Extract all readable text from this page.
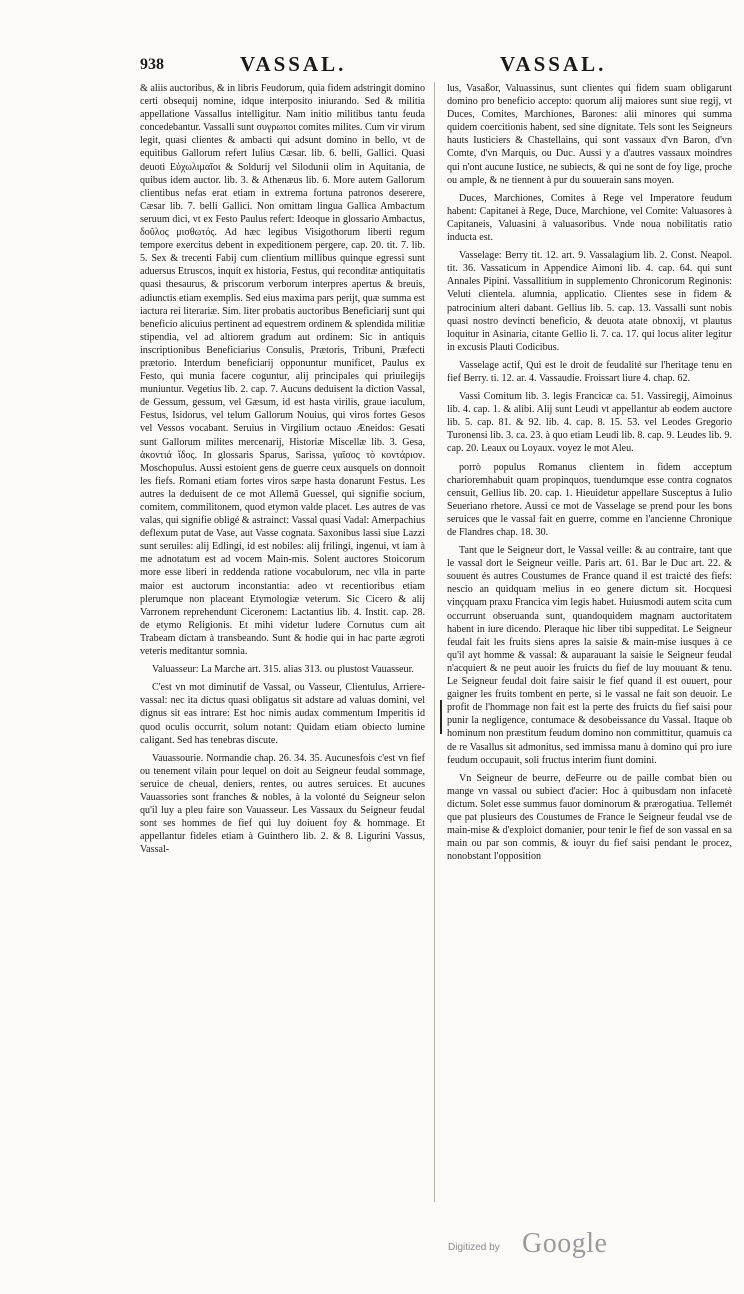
938	VASSAL.	VASSAL.

& aliis auctoribus, & in libris Feudorum, quia fidem adstringit domino certi obsequij nomine, idque interposito iniurando. Sed & militia appellatione Vassallus intelligitur. Nam initio militibus tantu feuda concedebantur. Vassalli sunt συγρωποι comites milites. Cum vir virum legit, quasi clientes & ambacti qui adsunt domino in bello, vt de equitibus Gallorum refert Iulius Cæsar. lib. 6. belli, Gallici. Quasi deuoti Εὐχωλιμαῖοι & Soldurij vel Silodunii olim in Aquitania, de quibus idem auctor. lib. 3. & Athenæus lib. 6. More autem Gallorum clientibus nefas erat etiam in extrema fortuna patronos deserere, Cæsar lib. 7. belli Gallici. Non omittam lingua Gallica Ambactum seruum dici, vt ex Festo Paulus refert: Ideoque in glossario Ambactus, δοῦλος μισθωτός. Ad hæc legibus Visigothorum liberti regum tempore exercitus debent in expeditionem pergere, cap. 20. tit. 7. lib. 5. Sex & trecenti Fabij cum clientium millibus quinque egressi sunt aduersus Etruscos, inquit ex historia, Festus, qui reconditæ antiquitatis quasi thesaurus, & priscorum verborum interpres apertus & breuis, adiunctis etiam exemplis. Sed eius maxima pars perijt, quæ summa est iactura rei literariæ. Sim. liter probatis auctoribus Beneficiarij sunt qui beneficio alicuius pertinent ad equestrem ordinem & splendida militiæ stipendia, vel ad altiorem gradum aut ordinem: Sic in antiquis inscriptionibus Beneficiarius Consulis, Prætoris, Tribuni, Præfecti prætorio. Interdum beneficiarij opponuntur munificet, Paulus ex Festo, qui munia facere coguntur, alij principales qui priuilegijs muniuntur. Vegetius lib. 2. cap. 7. Aucuns deduisent la diction Vassal, de Gessum, gessum, vel Gæsum, id est hasta virilis, graue iaculum, Festus, Isidorus, vel telum Gallorum Nouius, qui viros fortes Gesos vel Vessos vocabant. Seruius in Virgilium octauo Æneidos: Gesati sunt Gallorum milites mercenarij, Historiæ Miscellæ lib. 3. Gesa, ἀκοντιά ἴδος. In glossaris Sparus, Sarissa, γαῖσος τὸ κοντάριον. Moschopulus. Aussi estoient gens de guerre ceux ausquels on donnoit les fiefs. Romani etiam fortes viros sæpe hasta donarunt Festus. Les autres la deduisent de ce mot Allemã Guessel, qui signifie socium, comitem, commilitonem, quod etymon valde placet. Les autres de vas valas, qui signifie obligé & astrainct: Vassal quasi Vadal: Amerpachius deflexum putat de Vase, aut Vasse cognata. Saxonibus lassi siue Lazzi sunt seruiles: alij Edlingi, id est nobiles: alij frilingi, ingenui, vt iam à me adnotatum est ad vocem Main-mis. Solent auctores Stoicorum more esse liberi in reddenda ratione vocabulorum, nec vlla in parte maior est auctorum inconstantia: adeo vt recentioribus etiam plerumque non placeant Etymologiæ veterum. Sic Cicero & alij Varronem reprehendunt Ciceronem: Lactantius lib. 4. Instit. cap. 28. de etymo Religionis. Et mihi videtur ludere Cornutus cum ait Trabeam dictam à transbeando. Sunt & hodie qui in hac parte ægroti veteris meditantur somnia.

Valuasseur: La Marche art. 315. alias 313. ou plustost Vauasseur.

C'est vn mot diminutif de Vassal, ou Vasseur, Clientulus, Arriere-vassal: nec ita dictus quasi obligatus sit adstare ad valuas domini, vel dignus sit eas intrare: Est hoc nimis audax commentum Imperitis id quod oculis occurrit, solum notant: Quidam etiam obiecto lumine caligant. Sed has tenebras discute.

Vauassourie. Normandie chap. 26. 34. 35. Aucunesfois c'est vn fief ou tenement vilain pour lequel on doit au Seigneur feudal sommage, seruice de cheual, deniers, rentes, ou autres seruices. Et aucunes Vauassories sont franches & nobles, à la volonté du Seigneur selon qu'il luy a pleu faire son Vauasseur. Les Vassaux du Seigneur feudal sont ses hommes de fief qui luy doiuent foy & hommage. Et appellantur fideles etiam à Guinthero lib. 2. & 8. Ligurini Vassus, Vassal-

lus, Vasaßor, Valuassinus, sunt clientes qui fidem suam obligarunt domino pro beneficio accepto: quorum alij maiores sunt siue regij, vt Duces, Comites, Marchiones, Barones: alii minores qui summa quidem coercitionis habent, sed sine dignitate. Tels sont les Seigneurs hauts Iusticiers & Chastellains, qui sont vassaux d'vn Baron, d'vn Comte, d'vn Marquis, ou Duc. Aussi y a d'autres vassaux moindres qui n'ont aucune Iustice, ne subiects, & qui ne sont de foy lige, proche ou ample, & ne tiennent à pur du souuerain sans moyen.

Duces, Marchiones, Comites à Rege vel Imperatore feudum habent: Capitanei à Rege, Duce, Marchione, vel Comite: Valuasores à Capitaneis, Valuasini à valuasoribus. Vnde noua nobilitatis ratio inducta est.

Vasselage: Berry tit. 12. art. 9. Vassalagium lib. 2. Const. Neapol. tit. 36. Vassaticum in Appendice Aimoni lib. 4. cap. 64. qui sunt Annales Pipini. Vassallitium in supplemento Chronicorum Reginonis: Veluti clientela. alumnia, applicatio. Clientes sese in fidem & patrocinium alteri dabant. Gellius lib. 5. cap. 13. Vassalli sunt nobis quasi nostro devincti beneficio, & deuota atate obnoxij, vt plautus loquitur in Asinaria, citante Gellio li. 7. ca. 17. qui locus aliter legitur in excusis Plauti Codicibus.

Vasselage actif, Qui est le droit de feudalité sur l'heritage tenu en fief Berry. ti. 12. ar. 4. Vassaudie. Froissart liure 4. chap. 62.

Vassi Comitum lib. 3. legis Francicæ ca. 51. Vassiregij, Aimoinus lib. 4. cap. 1. & alibi. Alij sunt Leudi vt appellantur ab eodem auctore lib. 5. cap. 81. & 92. lib. 4. cap. 8. 15. 53. vel Leodes Gregorio Turonensi lib. 3. ca. 23. à quo etiam Leudi lib. 8. cap. 9. Leudes lib. 9. cap. 20. Leaux ou Loyaux. voyez le mot Aleu.

porrò populus Romanus clientem in fidem acceptum charioremhabuit quam propinquos, tuendumque esse contra cognatos censuit, Gellius lib. 20. cap. 1. Hieuidetur appellare Susceptus à Iulio Seueriano rhetore. Aussi ce mot de Vasselage se prend pour les bons seruices que le vassal fait en guerre, comme en l'ancienne Chronique de Flandres chap. 18. 30.

Tant que le Seigneur dort, le Vassal veille: & au contraire, tant que le vassal dort le Seigneur veille. Paris art. 61. Bar le Duc art. 22. & souuent és autres Coustumes de France quand il est traicté des fiefs: nescio an quidquam melius in eo genere dictum sit. Hocquesi vinçquam praxu Francica vim legis habet. Huiusmodi autem scita cum occurrunt obseruanda sunt, quandoquidem magnam auctoritatem habent in iure dicendo. Pleraque hic liber tibi suppeditat. Le Seigneur feudal fait les fruits siens apres la saisie & main-mise iusques à ce qu'il ayt homme & vassal: & auparauant la saisie le Seigneur feudal n'acquiert & ne peut auoir les fruicts du fief de luy mouuant & tenu. Le Seigneur feudal doit faire saisir le fief quand il est ouuert, pour gaigner les fruits tombent en perte, si le vassal ne fait son deuoir. Le profit de l'hommage non fait est la perte des fruicts du fief saisi pour punir la negligence, contumace & desobeissance du Vassal. Itaque ob hominum non præstitum feudum domino non committitur, quamuis ca de re Vasallus sit admonitus, sed immissa manu à domino qui pro iure feudum occupauit, soli fructus interim fiunt domini.

Vn Seigneur de beurre, deFeurre ou de paille combat bien ou mange vn vassal ou subiect d'acier: Hoc à quibusdam non infacetè dictum. Solet esse summus fauor dominorum & prærogatiua. Tellemét que pat plusieurs des Coustumes de France le Seigneur feudal vse de main-mise & d'exploict domanier, pour tenir le fief de son vassal en sa main ou par son commis, & iouyr du fief saisi pendant le procez, nonobstant l'opposition

Digitized by Google
